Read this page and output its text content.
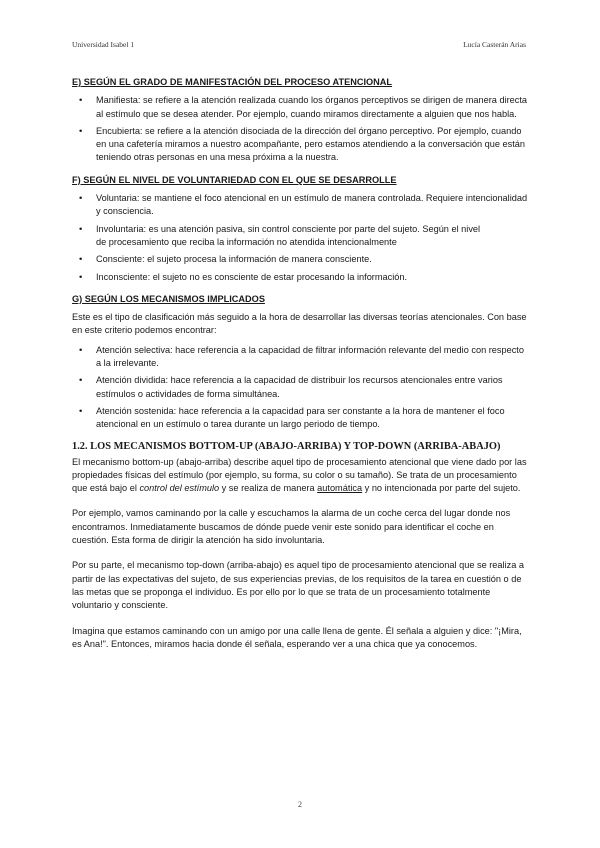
Universidad Isabel 1	Lucía Casterán Arias
E) SEGÚN EL GRADO DE MANIFESTACIÓN DEL PROCESO ATENCIONAL
• Manifiesta: se refiere a la atención realizada cuando los órganos perceptivos se dirigen de manera directa al estímulo que se desea atender. Por ejemplo, cuando miramos directamente a alguien que nos habla.
• Encubierta: se refiere a la atención disociada de la dirección del órgano perceptivo. Por ejemplo, cuando en una cafetería miramos a nuestro acompañante, pero estamos atendiendo a la conversación que están teniendo otras personas en una mesa próxima a la nuestra.
F) SEGÚN EL NIVEL DE VOLUNTARIEDAD CON EL QUE SE DESARROLLE
• Voluntaria: se mantiene el foco atencional en un estímulo de manera controlada. Requiere intencionalidad y consciencia.
• Involuntaria: es una atención pasiva, sin control consciente por parte del sujeto. Según el nivel
de procesamiento que reciba la información no atendida intencionalmente
• Consciente: el sujeto procesa la información de manera consciente.
• Inconsciente: el sujeto no es consciente de estar procesando la información.
G) SEGÚN LOS MECANISMOS IMPLICADOS

Este es el tipo de clasificación más seguido a la hora de desarrollar las diversas teorías atencionales. Con base en este criterio podemos encontrar:

• Atención selectiva: hace referencia a la capacidad de filtrar información relevante del medio con respecto a la irrelevante.
• Atención dividida: hace referencia a la capacidad de distribuir los recursos atencionales entre varios estímulos o actividades de forma simultánea.
• Atención sostenida: hace referencia a la capacidad para ser constante a la hora de mantener el foco atencional en un estímulo o tarea durante un largo periodo de tiempo.
1.2. LOS MECANISMOS BOTTOM-UP (ABAJO-ARRIBA) Y TOP-DOWN (ARRIBA-ABAJO)

El mecanismo bottom-up (abajo-arriba) describe aquel tipo de procesamiento atencional que viene dado por las propiedades físicas del estímulo (por ejemplo, su forma, su color o su tamaño). Se trata de un procesamiento que está bajo el control del estímulo y se realiza de manera automática y no intencionada por parte del sujeto.

Por ejemplo, vamos caminando por la calle y escuchamos la alarma de un coche cerca del lugar donde nos encontramos. Inmediatamente buscamos de dónde puede venir este sonido para identificar el coche en cuestión. Esta forma de dirigir la atención ha sido involuntaria.

Por su parte, el mecanismo top-down (arriba-abajo) es aquel tipo de procesamiento atencional que se realiza a partir de las expectativas del sujeto, de sus experiencias previas, de los requisitos de la tarea en cuestión o de las metas que se proponga el individuo. Es por ello por lo que se trata de un procesamiento totalmente voluntario y consciente.

Imagina que estamos caminando con un amigo por una calle llena de gente. Él señala a alguien y dice: "¡Mira, es Ana!". Entonces, miramos hacia donde él señala, esperando ver a una chica que ya conocemos.

2
